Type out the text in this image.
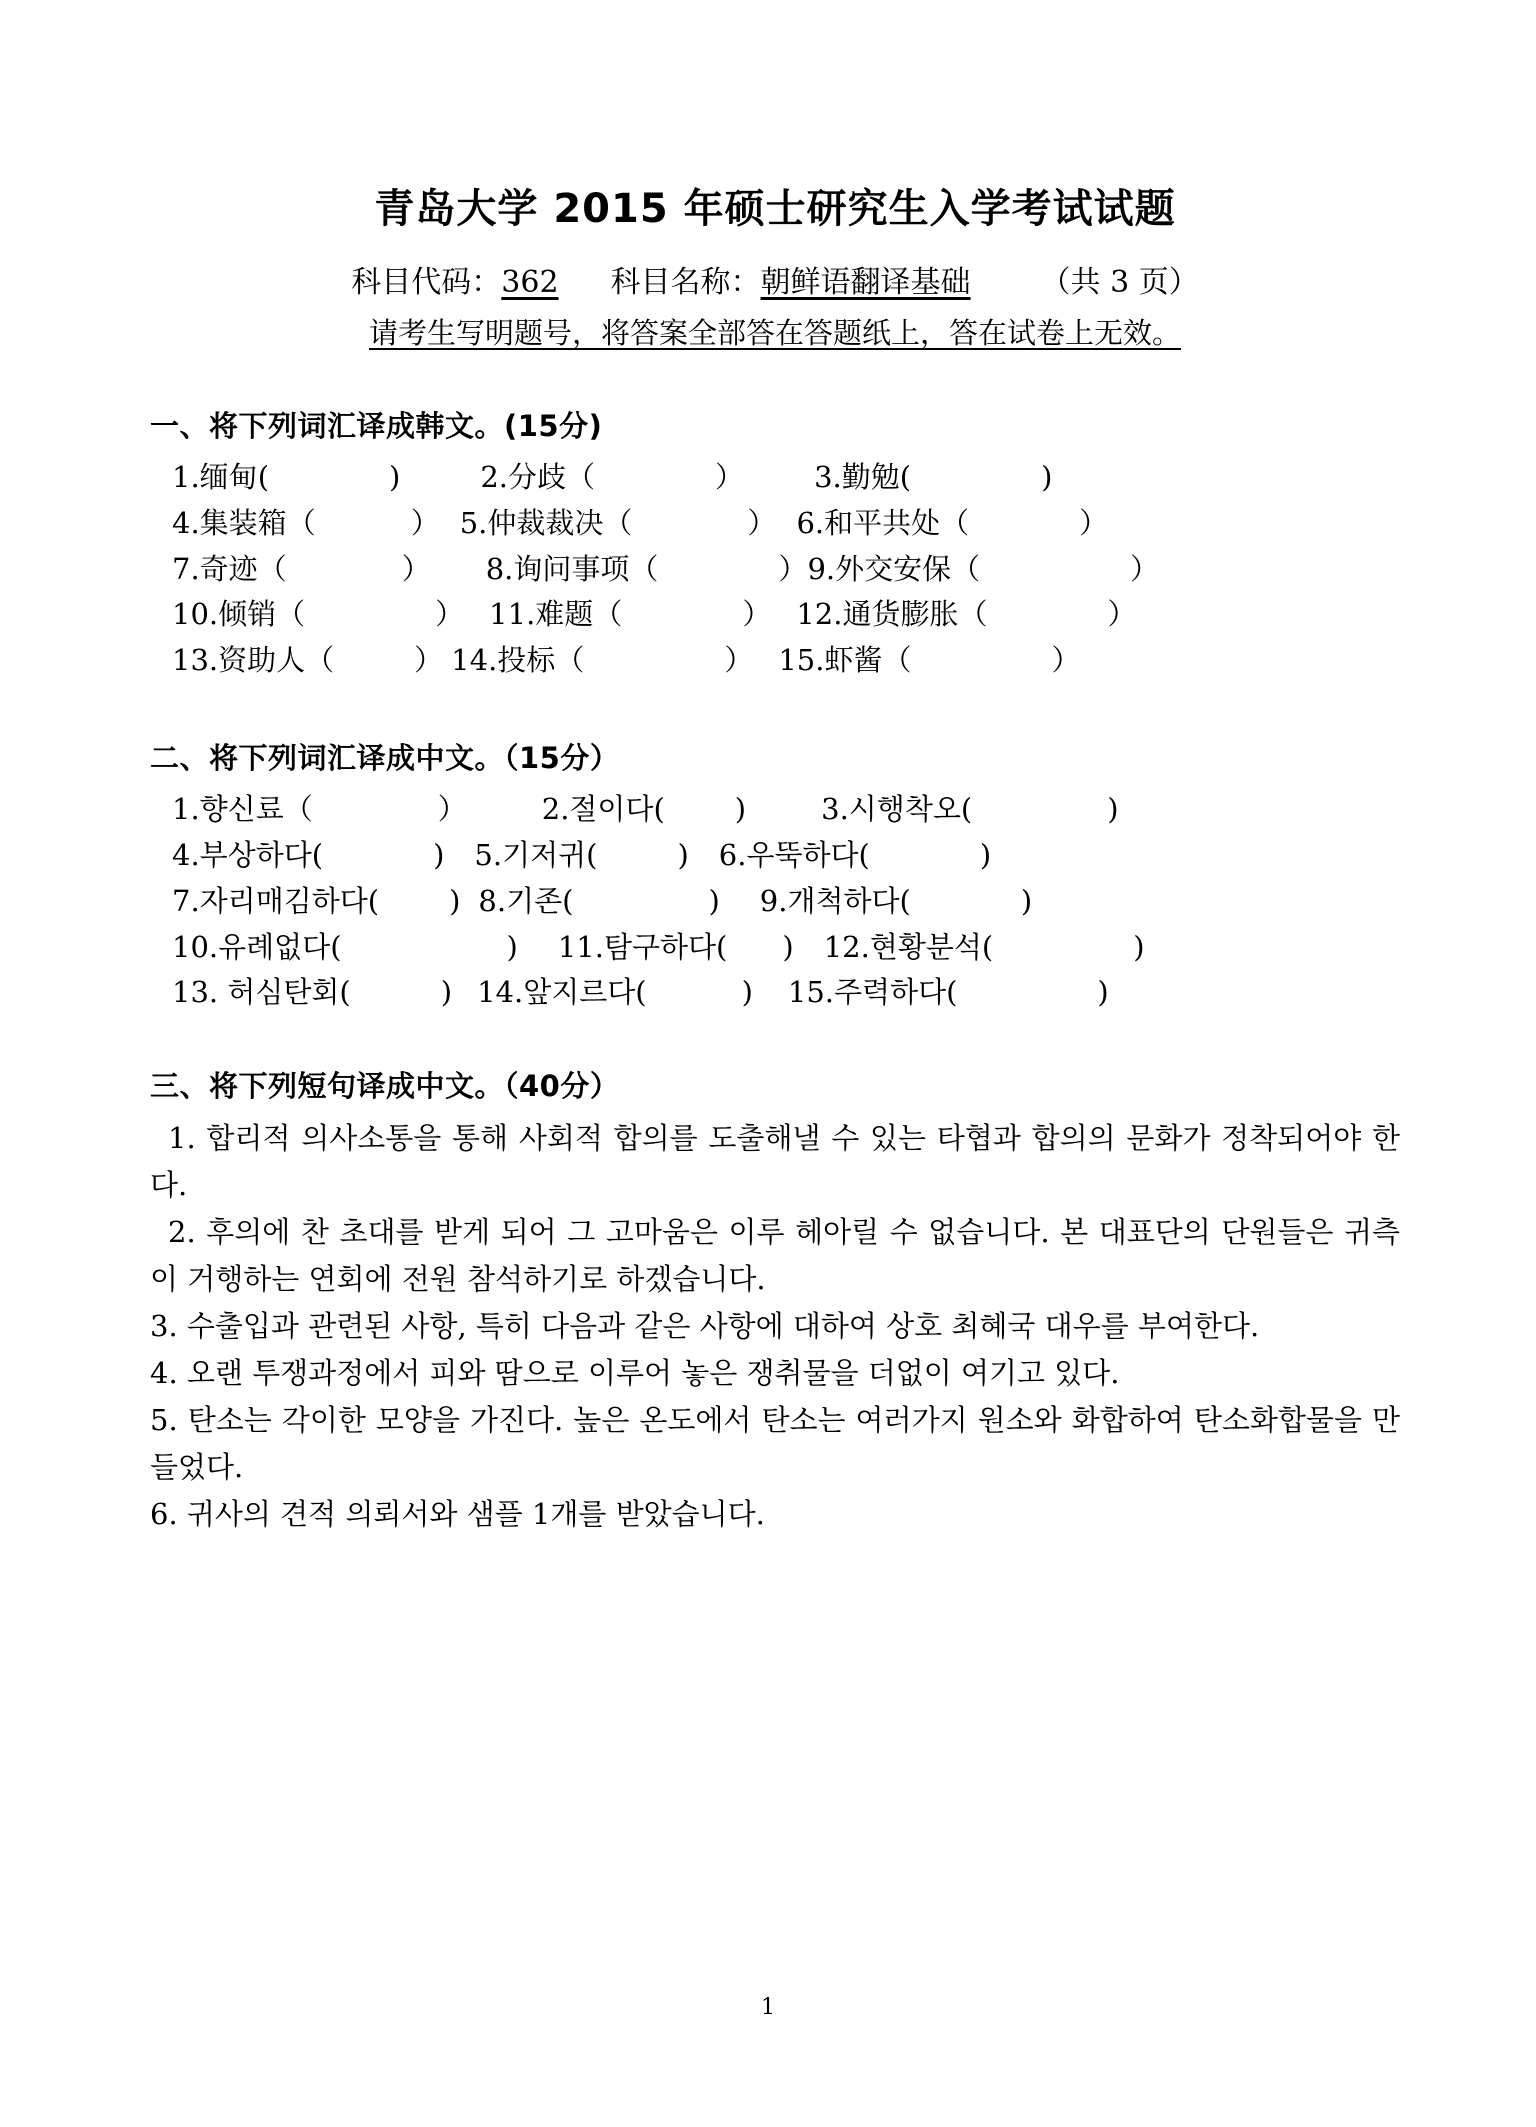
青岛大学 2015 年硕士研究生入学考试试题
科目代码：362 科目名称：朝鲜语翻译基础 （共 3 页）
请考生写明题号，将答案全部答在答题纸上，答在试卷上无效。
一、将下列词汇译成韩文。(15分)
1.缅甸(	)	2.分歧（	） 3.勤勉(	)
4.集装箱（	） 5.仲裁裁决（	） 6.和平共处（	）
7.奇迹（	） 8.询问事项（	）9.外交安保（	）
10.倾销（	） 11.难题（	） 12.通货膨胀（	）
13.资助人（	） 14.投标（	） 15.虾酱（	）
二、将下列词汇译成中文。（15分）
1.향신료（	）	2.절이다( )	3.시행착오(	)
4.부상하다(	) 5.기저귀(	) 6.우뚝하다(	)
7.자리매김하다( ) 8.기존(	) 9.개척하다(	)
10.유례없다(	) 11.탐구하다( ) 12.현황분석(	)
13. 허심탄회(	) 14.앞지르다(	) 15.주력하다(	)
三、将下列短句译成中文。（40分）

1. 합리적 의사소통을 통해 사회적 합의를 도출해낼 수 있는 타협과 합의의 문화가 정착되어야 한다.

2. 후의에 찬 초대를 받게 되어 그 고마움은 이루 헤아릴 수 없습니다. 본 대표단의 단원들은 귀측이 거행하는 연회에 전원 참석하기로 하겠습니다.

3. 수출입과 관련된 사항, 특히 다음과 같은 사항에 대하여 상호 최혜국 대우를 부여한다.

4. 오랜 투쟁과정에서 피와 땀으로 이루어 놓은 쟁취물을 더없이 여기고 있다.

5. 탄소는 각이한 모양을 가진다. 높은 온도에서 탄소는 여러가지 원소와 화합하여 탄소화합물을 만들었다.

6. 귀사의 견적 의뢰서와 샘플 1개를 받았습니다.

1
